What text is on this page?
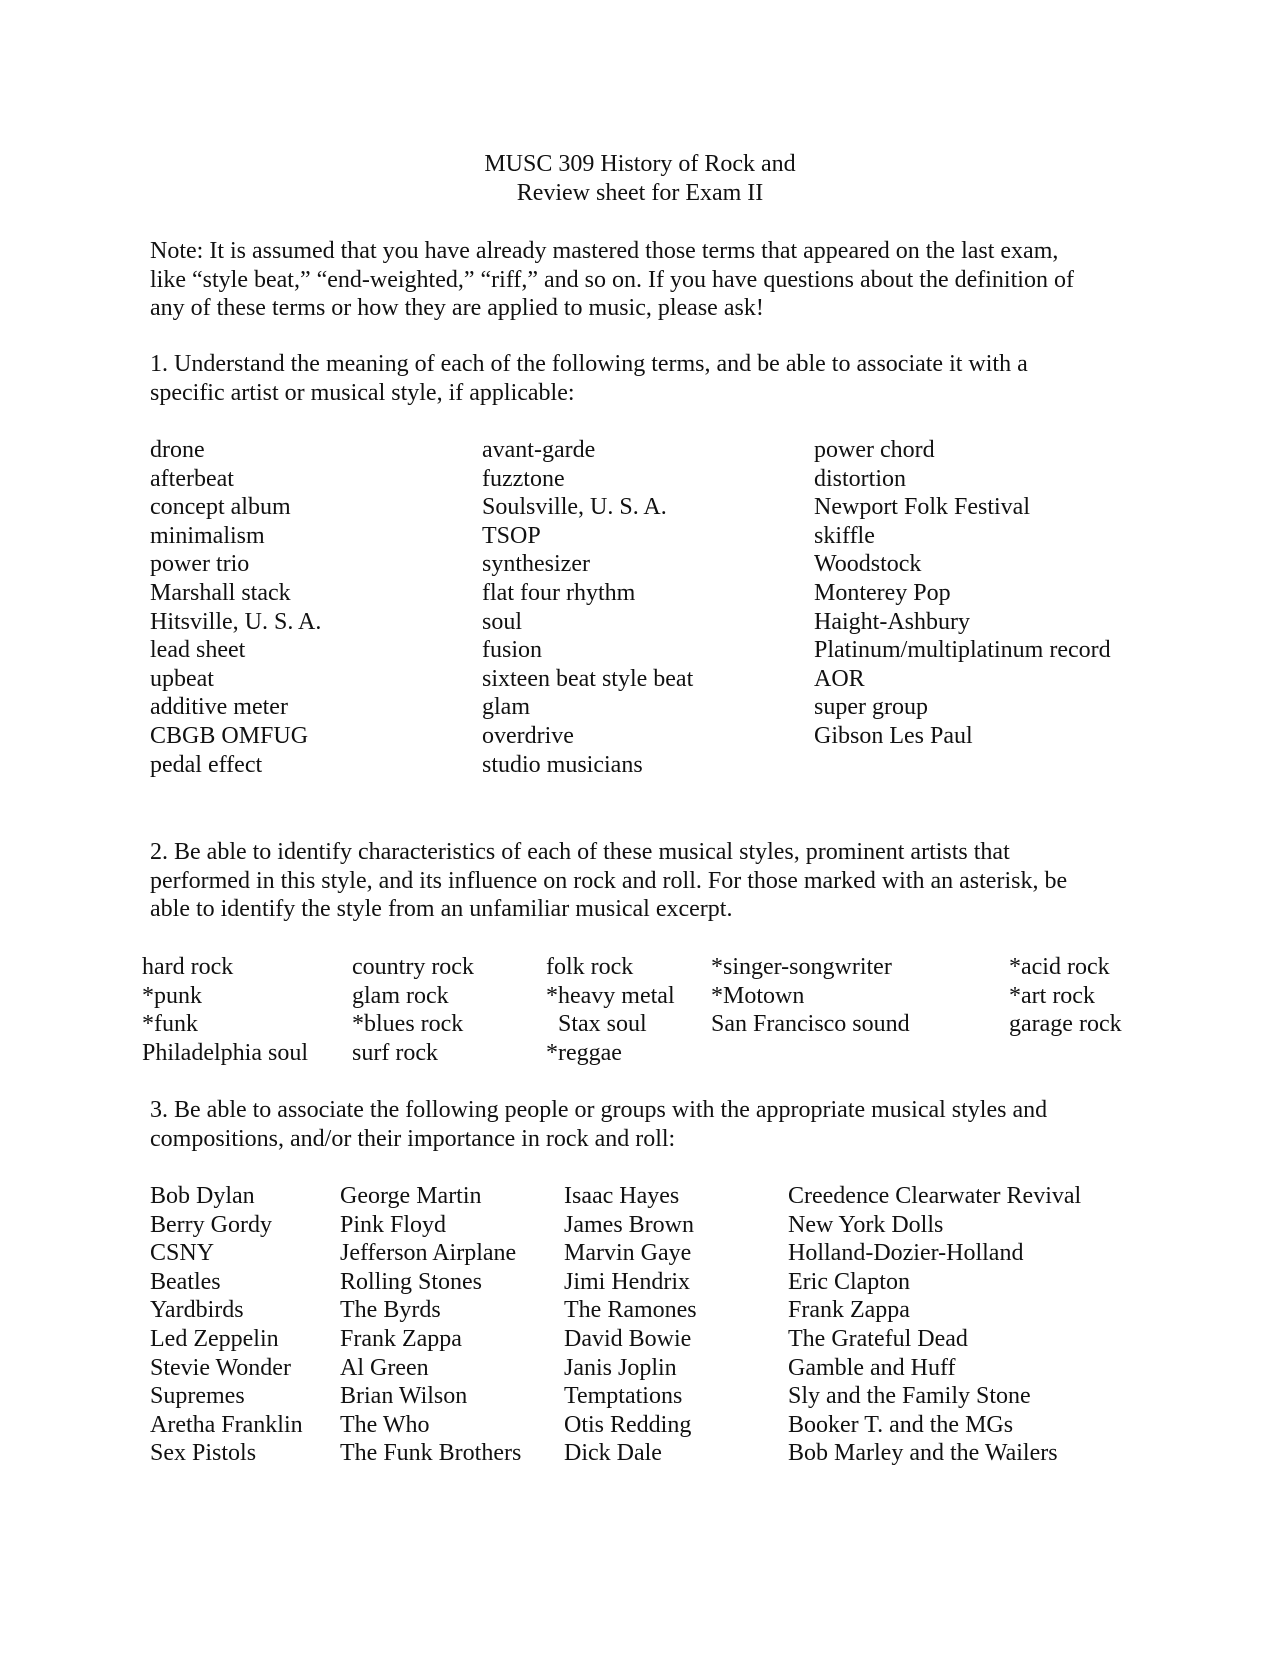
MUSC 309 History of Rock and
Review sheet for Exam II
Note: It is assumed that you have already mastered those terms that appeared on the last exam,
like “style beat,” “end-weighted,” “riff,” and so on. If you have questions about the definition of
any of these terms or how they are applied to music, please ask!
1. Understand the meaning of each of the following terms, and be able to associate it with a
specific artist or musical style, if applicable:
drone
afterbeat
concept album
minimalism
power trio
Marshall stack
Hitsville, U. S. A.
lead sheet
upbeat
additive meter
CBGB OMFUG
pedal effect
avant-garde
fuzztone
Soulsville, U. S. A.
TSOP
synthesizer
flat four rhythm
soul
fusion
sixteen beat style beat
glam
overdrive
studio musicians
power chord
distortion
Newport Folk Festival
skiffle
Woodstock
Monterey Pop
Haight-Ashbury
Platinum/multiplatinum record
AOR
super group
Gibson Les Paul
2. Be able to identify characteristics of each of these musical styles, prominent artists that
performed in this style, and its influence on rock and roll. For those marked with an asterisk, be
able to identify the style from an unfamiliar musical excerpt.
hard rock
*punk
*funk
Philadelphia soul
country rock
glam rock
*blues rock
surf rock
folk rock
*heavy metal
Stax soul
*reggae
*singer-songwriter
*Motown
San Francisco sound
*acid rock
*art rock
garage rock
3. Be able to associate the following people or groups with the appropriate musical styles and
compositions, and/or their importance in rock and roll:
Bob Dylan
Berry Gordy
CSNY
Beatles
Yardbirds
Led Zeppelin
Stevie Wonder
Supremes
Aretha Franklin
Sex Pistols
George Martin
Pink Floyd
Jefferson Airplane
Rolling Stones
The Byrds
Frank Zappa
Al Green
Brian Wilson
The Who
The Funk Brothers
Isaac Hayes
James Brown
Marvin Gaye
Jimi Hendrix
The Ramones
David Bowie
Janis Joplin
Temptations
Otis Redding
Dick Dale
Creedence Clearwater Revival
New York Dolls
Holland-Dozier-Holland
Eric Clapton
Frank Zappa
The Grateful Dead
Gamble and Huff
Sly and the Family Stone
Booker T. and the MGs
Bob Marley and the Wailers
